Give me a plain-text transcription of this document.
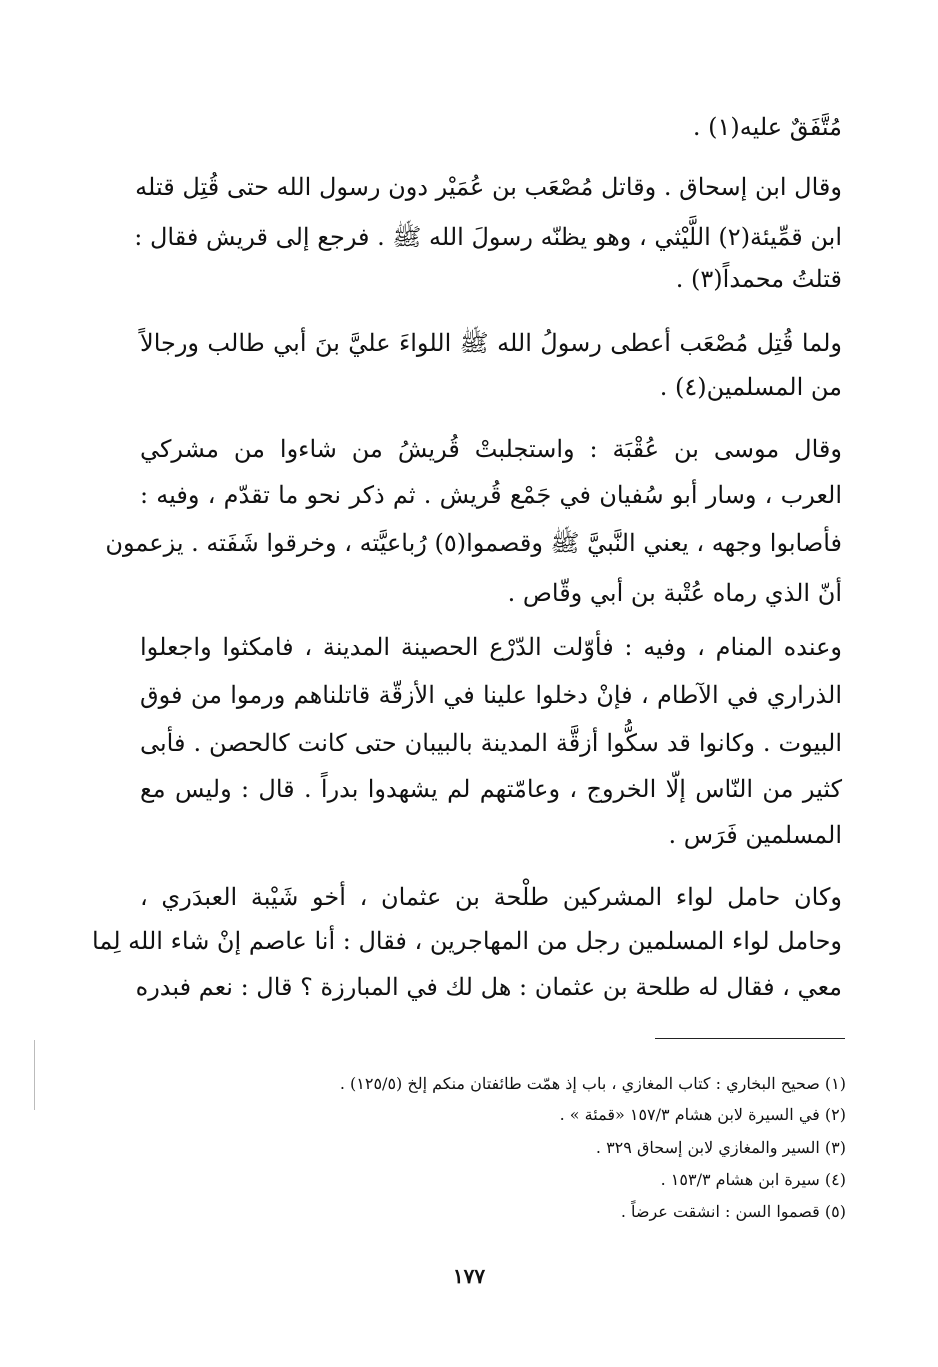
مُتَّفَقٌ عليه(١) .
وقال ابن إسحاق . وقاتل مُصْعَب بن عُمَيْر دون رسول الله حتى قُتِل قتله
ابن قمِّيئة(٢) اللَّيْثي ، وهو يظنّه رسولَ الله ﷺ . فرجع إلى قريش فقال :
قتلتُ محمداً(٣) .
ولما قُتِل مُصْعَب أعطى رسولُ الله ﷺ اللواءَ عليَّ بنَ أبي طالب ورجالاً
من المسلمين(٤) .
وقال موسى بن عُقْبَة : واستجلبتْ قُريشُ من شاءوا من مشركي
العرب ، وسار أبو سُفيان في جَمْع قُريش . ثم ذكر نحو ما تقدّم ، وفيه :
فأصابوا وجهه ، يعني النَّبيَّ ﷺ وقصموا(٥) رُباعيَّته ، وخرقوا شَفَته . يزعمون
أنّ الذي رماه عُتْبة بن أبي وقّاص .
وعنده المنام ، وفيه : فأوّلت الدّرْع الحصينة المدينة ، فامكثوا واجعلوا
الذراري في الآطام ، فإنْ دخلوا علينا في الأزقّة قاتلناهم ورموا من فوق
البيوت . وكانوا قد سكُّوا أزقَّة المدينة بالبيبان حتى كانت كالحصن . فأبى
كثير من النّاس إلّا الخروج ، وعامّتهم لم يشهدوا بدراً . قال : وليس مع
المسلمين فَرَس .
وكان حامل لواء المشركين طلْحة بن عثمان ، أخو شَيْبة العبدَري ،
وحامل لواء المسلمين رجل من المهاجرين ، فقال : أنا عاصم إنْ شاء الله لِما
معي ، فقال له طلحة بن عثمان : هل لك في المبارزة ؟ قال : نعم فبدره
(١) صحيح البخاري : كتاب المغازي ، باب إذ همّت طائفتان منكم إلخ (١٢٥/٥) .
(٢) في السيرة لابن هشام ١٥٧/٣ «قمئة » .
(٣) السير والمغازي لابن إسحاق ٣٢٩ .
(٤) سيرة ابن هشام ١٥٣/٣ .
(٥) قصموا السن : انشقت عرضاً .
١٧٧
